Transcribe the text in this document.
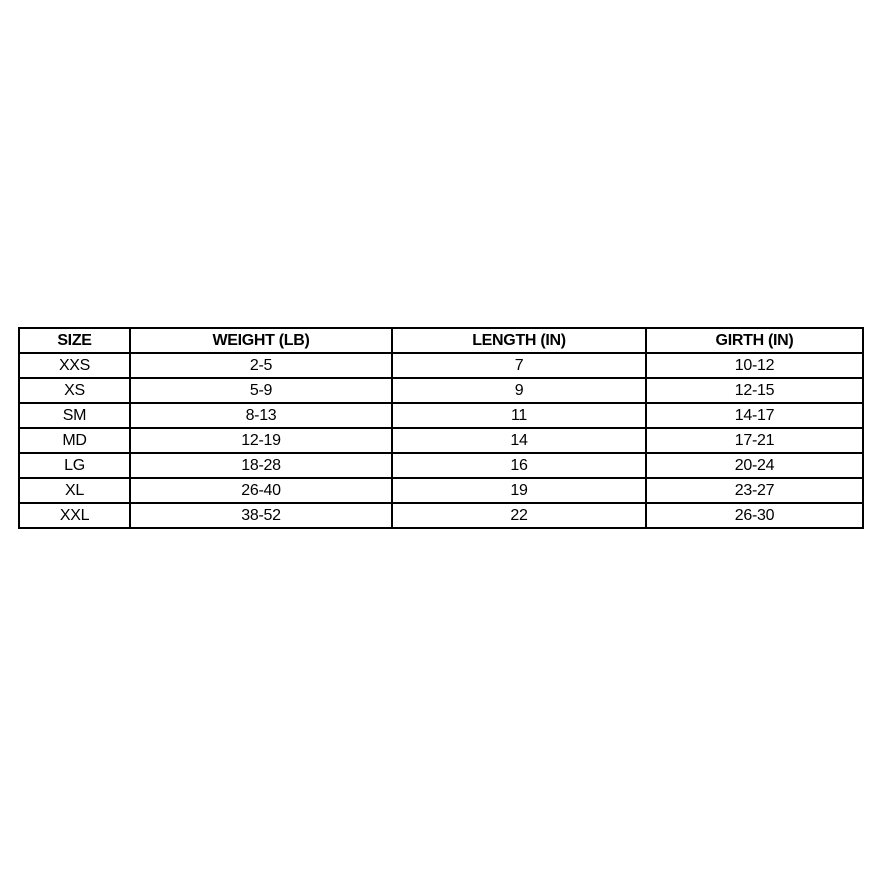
SIZE	WEIGHT (LB)	LENGTH (IN)	GIRTH (IN)
XXS	2-5	7	10-12
XS	5-9	9	12-15
SM	8-13	11	14-17
MD	12-19	14	17-21
LG	18-28	16	20-24
XL	26-40	19	23-27
XXL	38-52	22	26-30
